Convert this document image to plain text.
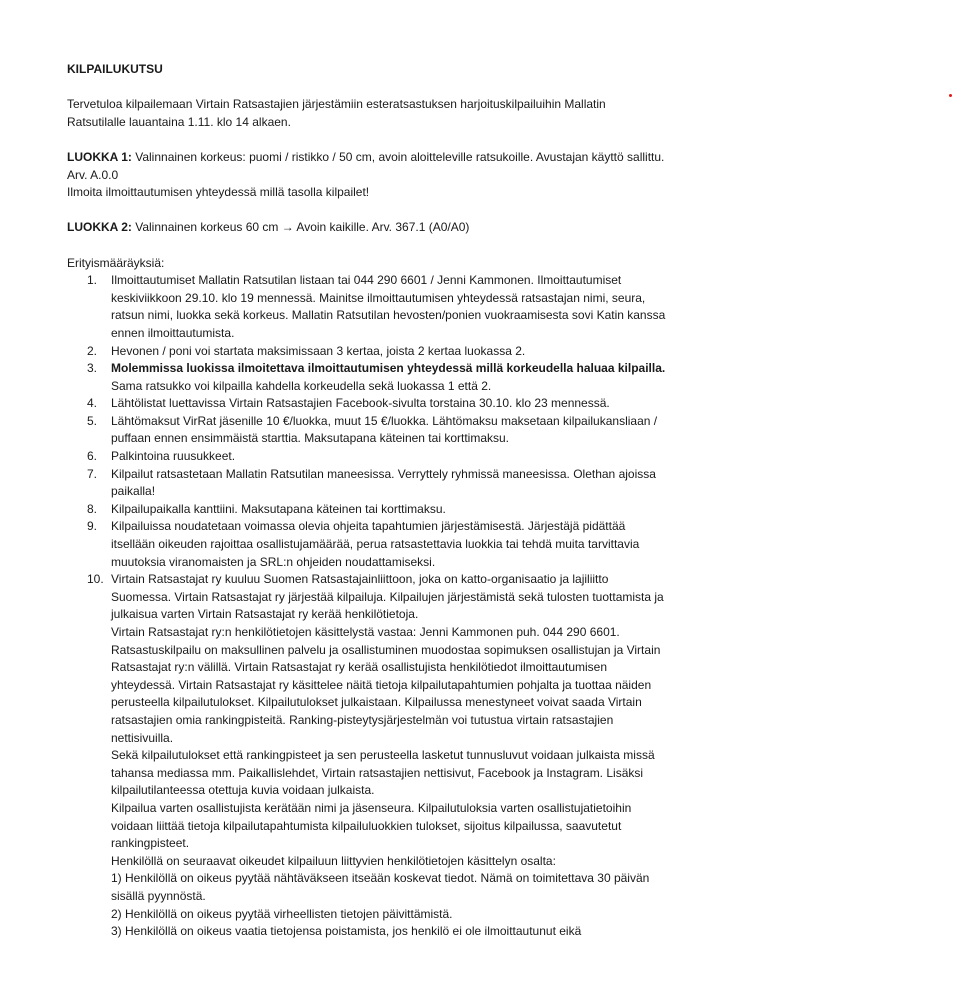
KILPAILUKUTSU

Tervetuloa kilpailemaan Virtain Ratsastajien järjestämiin esteratsastuksen harjoituskilpailuihin Mallatin Ratsutilalle lauantaina 1.11. klo 14 alkaen.

LUOKKA 1: Valinnainen korkeus: puomi / ristikko / 50 cm, avoin aloitteleville ratsukoille. Avustajan käyttö sallittu. Arv. A.0.0

Ilmoita ilmoittautumisen yhteydessä millä tasolla kilpailet!

LUOKKA 2: Valinnainen korkeus 60 cm → Avoin kaikille. Arv. 367.1 (A0/A0)

Erityismääräyksiä:

1. Ilmoittautumiset Mallatin Ratsutilan listaan tai 044 290 6601 / Jenni Kammonen. Ilmoittautumiset keskiviikkoon 29.10. klo 19 mennessä. Mainitse ilmoittautumisen yhteydessä ratsastajan nimi, seura, ratsun nimi, luokka sekä korkeus. Mallatin Ratsutilan hevosten/ponien vuokraamisesta sovi Katin kanssa ennen ilmoittautumista.
2. Hevonen / poni voi startata maksimissaan 3 kertaa, joista 2 kertaa luokassa 2.
3. Molemmissa luokissa ilmoitettava ilmoittautumisen yhteydessä millä korkeudella haluaa kilpailla. Sama ratsukko voi kilpailla kahdella korkeudella sekä luokassa 1 että 2.
4. Lähtölistat luettavissa Virtain Ratsastajien Facebook-sivulta torstaina 30.10. klo 23 mennessä.
5. Lähtömaksut VirRat jäsenille 10 €/luokka, muut 15 €/luokka. Lähtömaksu maksetaan kilpailukansliaan / puffaan ennen ensimmäistä starttia. Maksutapana käteinen tai korttimaksu.
6. Palkintoina ruusukkeet.
7. Kilpailut ratsastetaan Mallatin Ratsutilan maneesissa. Verryttely ryhmissä maneesissa. Olethan ajoissa paikalla!
8. Kilpailupaikalla kanttiini. Maksutapana käteinen tai korttimaksu.
9. Kilpailuissa noudatetaan voimassa olevia ohjeita tapahtumien järjestämisestä. Järjestäjä pidättää itsellään oikeuden rajoittaa osallistujamäärää, perua ratsastettavia luokkia tai tehdä muita tarvittavia muutoksia viranomaisten ja SRL:n ohjeiden noudattamiseksi.
10. Virtain Ratsastajat ry kuuluu Suomen Ratsastajainliittoon, joka on katto-organisaatio ja lajiliitto Suomessa. Virtain Ratsastajat ry järjestää kilpailuja. Kilpailujen järjestämistä sekä tulosten tuottamista ja julkaisua varten Virtain Ratsastajat ry kerää henkilötietoja.
Virtain Ratsastajat ry:n henkilötietojen käsittelystä vastaa: Jenni Kammonen puh. 044 290 6601. Ratsastuskilpailu on maksullinen palvelu ja osallistuminen muodostaa sopimuksen osallistujan ja Virtain Ratsastajat ry:n välillä. Virtain Ratsastajat ry kerää osallistujista henkilötiedot ilmoittautumisen yhteydessä. Virtain Ratsastajat ry käsittelee näitä tietoja kilpailutapahtumien pohjalta ja tuottaa näiden perusteella kilpailutulokset. Kilpailutulokset julkaistaan. Kilpailussa menestyneet voivat saada Virtain ratsastajien omia rankingpisteitä. Ranking-pisteytysjärjestelmän voi tutustua virtain ratsastajien nettisivuilla.
Sekä kilpailutulokset että rankingpisteet ja sen perusteella lasketut tunnusluvut voidaan julkaista missä tahansa mediassa mm. Paikallislehdet, Virtain ratsastajien nettisivut, Facebook ja Instagram. Lisäksi kilpailutilanteessa otettuja kuvia voidaan julkaista.
Kilpailua varten osallistujista kerätään nimi ja jäsenseura. Kilpailutuloksia varten osallistujatietoihin voidaan liittää tietoja kilpailutapahtumista kilpailuluokkien tulokset, sijoitus kilpailussa, saavutetut rankingpisteet.
Henkilöllä on seuraavat oikeudet kilpailuun liittyvien henkilötietojen käsittelyn osalta:
1) Henkilöllä on oikeus pyytää nähtäväkseen itseään koskevat tiedot. Nämä on toimitettava 30 päivän sisällä pyynnöstä.
2) Henkilöllä on oikeus pyytää virheellisten tietojen päivittämistä.
3) Henkilöllä on oikeus vaatia tietojensa poistamista, jos henkilö ei ole ilmoittautunut eikä
